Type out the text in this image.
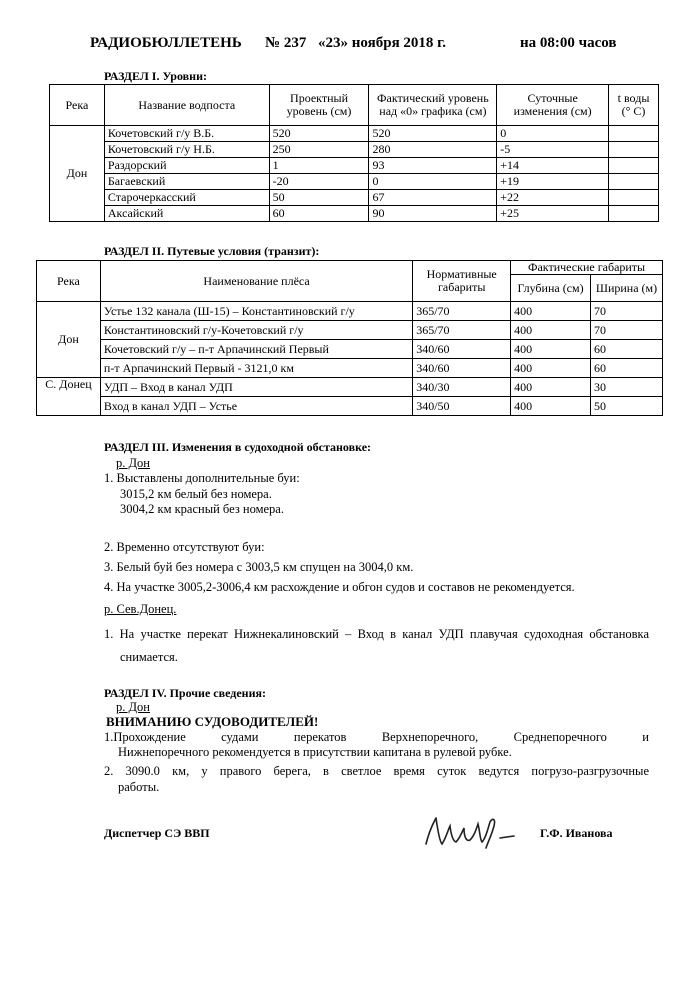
РАДИОБЮЛЛЕТЕНЬ № 237 «23» ноября 2018 г.	на 08:00 часов
РАЗДЕЛ I. Уровни:
Река	Название водпоста	Проектный уровень (см)	Фактический уровень над «0» графика (см)	Суточные изменения (см)	t воды (° С)
Дон	Кочетовский г/у В.Б.	520	520	0	
	Кочетовский г/у Н.Б.	250	280	-5	
	Раздорский	1	93	+14	
	Багаевский	-20	0	+19	
	Старочеркасский	50	67	+22	
	Аксайский	60	90	+25	
РАЗДЕЛ II. Путевые условия (транзит):
Река	Наименование плёса	Нормативные габариты	Фактические габариты	
			Глубина (см)	Ширина (м)
Дон	Устье 132 канала (Ш-15) – Константиновский г/у	365/70	400	70
	Константиновский г/у-Кочетовский г/у	365/70	400	70
	Кочетовский г/у – п-т Арпачинский Первый	340/60	400	60
	п-т Арпачинский Первый - 3121,0 км	340/60	400	60
С. Донец	УДП – Вход в канал УДП	340/30	400	30
	Вход в канал УДП – Устье	340/50	400	50
РАЗДЕЛ III. Изменения в судоходной обстановке:
р. Дон
1. Выставлены дополнительные буи:
3015,2 км белый без номера.
3004,2 км красный без номера.
2. Временно отсутствуют буи:
3. Белый буй без номера с 3003,5 км спущен на 3004,0 км.
4. На участке 3005,2-3006,4 км расхождение и обгон судов и составов не рекомендуется.
р. Сев.Донец.
1. На участке перекат Нижнекалиновский – Вход в канал УДП плавучая судоходная обстановка
снимается.
РАЗДЕЛ IV. Прочие сведения:
р. Дон
ВНИМАНИЮ СУДОВОДИТЕЛЕЙ!
1.Прохождение судами перекатов Верхнепоречного, Среднепоречного и
Нижнепоречного рекомендуется в присутствии капитана в рулевой рубке.
2. 3090.0 км, у правого берега, в светлое время суток ведутся погрузо-разгрузочные
работы.
Диспетчер СЭ ВВП	Г.Ф. Иванова
